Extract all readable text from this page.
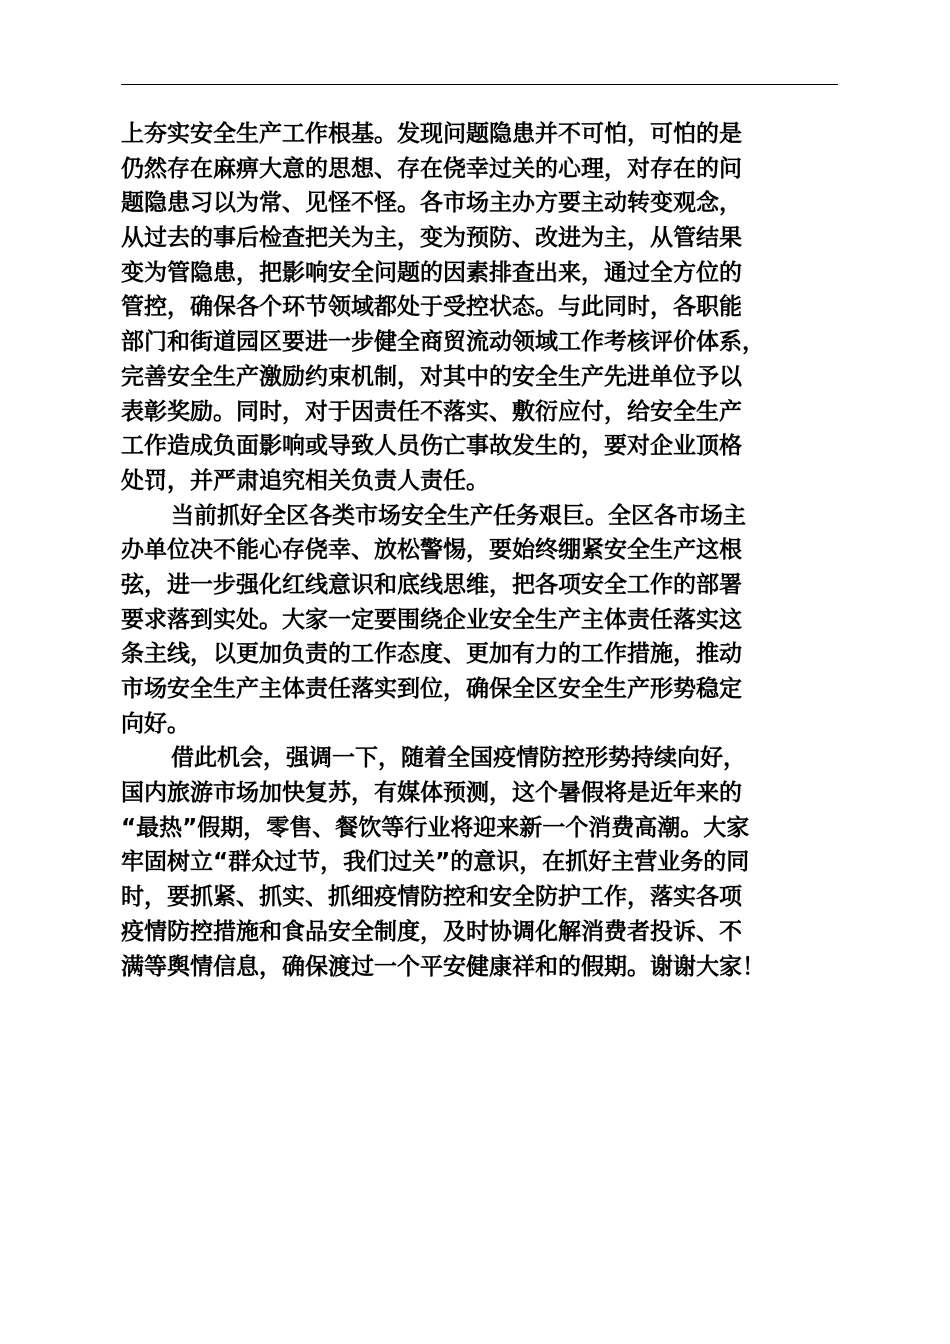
上夯实安全生产工作根基。发现问题隐患并不可怕，可怕的是
仍然存在麻痹大意的思想、存在侥幸过关的心理，对存在的问
题隐患习以为常、见怪不怪。各市场主办方要主动转变观念，
从过去的事后检查把关为主，变为预防、改进为主，从管结果
变为管隐患，把影响安全问题的因素排查出来，通过全方位的
管控，确保各个环节领域都处于受控状态。与此同时，各职能
部门和街道园区要进一步健全商贸流动领域工作考核评价体系，
完善安全生产激励约束机制，对其中的安全生产先进单位予以
表彰奖励。同时，对于因责任不落实、敷衍应付，给安全生产
工作造成负面影响或导致人员伤亡事故发生的，要对企业顶格
处罚，并严肃追究相关负责人责任。
当前抓好全区各类市场安全生产任务艰巨。全区各市场主
办单位决不能心存侥幸、放松警惕，要始终绷紧安全生产这根
弦，进一步强化红线意识和底线思维，把各项安全工作的部署
要求落到实处。大家一定要围绕企业安全生产主体责任落实这
条主线，以更加负责的工作态度、更加有力的工作措施，推动
市场安全生产主体责任落实到位，确保全区安全生产形势稳定
向好。
借此机会，强调一下，随着全国疫情防控形势持续向好，
国内旅游市场加快复苏，有媒体预测，这个暑假将是近年来的
“最热”假期，零售、餐饮等行业将迎来新一个消费高潮。大家
牢固树立“群众过节，我们过关”的意识，在抓好主营业务的同
时，要抓紧、抓实、抓细疫情防控和安全防护工作，落实各项
疫情防控措施和食品安全制度，及时协调化解消费者投诉、不
满等舆情信息，确保渡过一个平安健康祥和的假期。谢谢大家！
